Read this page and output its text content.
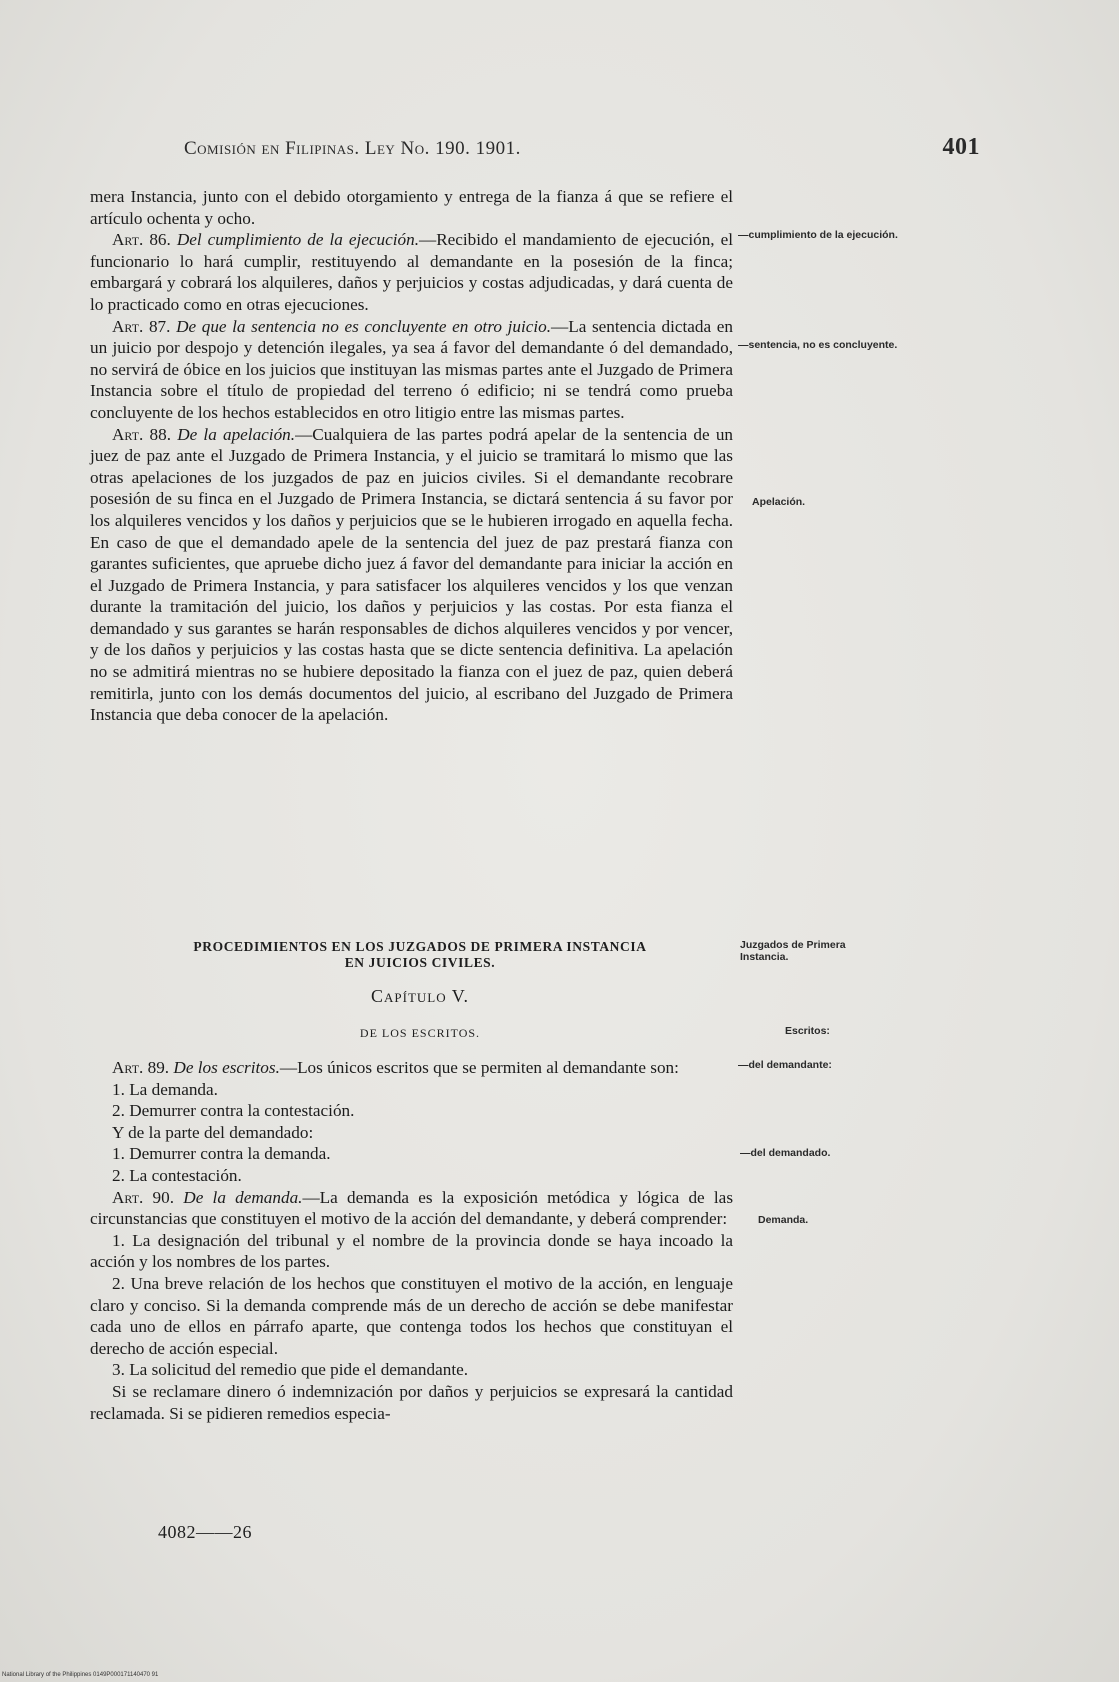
Comisión en Filipinas. Ley No. 190. 1901.	401

mera Instancia, junto con el debido otorgamiento y entrega de la fianza á que se refiere el artículo ochenta y ocho.

Art. 86. Del cumplimiento de la ejecución.—Recibido el mandamiento de ejecución, el funcionario lo hará cumplir, restituyendo al demandante en la posesión de la finca; embargará y cobrará los alquileres, daños y perjuicios y costas adjudicadas, y dará cuenta de lo practicado como en otras ejecuciones.

Art. 87. De que la sentencia no es concluyente en otro juicio.—La sentencia dictada en un juicio por despojo y detención ilegales, ya sea á favor del demandante ó del demandado, no servirá de óbice en los juicios que instituyan las mismas partes ante el Juzgado de Primera Instancia sobre el título de propiedad del terreno ó edificio; ni se tendrá como prueba concluyente de los hechos establecidos en otro litigio entre las mismas partes.

Art. 88. De la apelación.—Cualquiera de las partes podrá apelar de la sentencia de un juez de paz ante el Juzgado de Primera Instancia, y el juicio se tramitará lo mismo que las otras apelaciones de los juzgados de paz en juicios civiles. Si el demandante recobrare posesión de su finca en el Juzgado de Primera Instancia, se dictará sentencia á su favor por los alquileres vencidos y los daños y perjuicios que se le hubieren irrogado en aquella fecha. En caso de que el demandado apele de la sentencia del juez de paz prestará fianza con garantes suficientes, que apruebe dicho juez á favor del demandante para iniciar la acción en el Juzgado de Primera Instancia, y para satisfacer los alquileres vencidos y los que venzan durante la tramitación del juicio, los daños y perjuicios y las costas. Por esta fianza el demandado y sus garantes se harán responsables de dichos alquileres vencidos y por vencer, y de los daños y perjuicios y las costas hasta que se dicte sentencia definitiva. La apelación no se admitirá mientras no se hubiere depositado la fianza con el juez de paz, quien deberá remitirla, junto con los demás documentos del juicio, al escribano del Juzgado de Primera Instancia que deba conocer de la apelación.

PROCEDIMIENTOS EN LOS JUZGADOS DE PRIMERA INSTANCIA
EN JUICIOS CIVILES.
Capítulo V.
DE LOS ESCRITOS.

Art. 89. De los escritos.—Los únicos escritos que se permiten al demandante son:

1. La demanda.

2. Demurrer contra la contestación.

Y de la parte del demandado:

1. Demurrer contra la demanda.

2. La contestación.

Art. 90. De la demanda.—La demanda es la exposición metódica y lógica de las circunstancias que constituyen el motivo de la acción del demandante, y deberá comprender:

1. La designación del tribunal y el nombre de la provincia donde se haya incoado la acción y los nombres de los partes.

2. Una breve relación de los hechos que constituyen el motivo de la acción, en lenguaje claro y conciso. Si la demanda comprende más de un derecho de acción se debe manifestar cada uno de ellos en párrafo aparte, que contenga todos los hechos que constituyan el derecho de acción especial.

3. La solicitud del remedio que pide el demandante.

Si se reclamare dinero ó indemnización por daños y perjuicios se expresará la cantidad reclamada. Si se pidieren remedios especia-

—cumplimiento de la ejecución.
—sentencia, no es concluyente.
Apelación.
Juzgados de Primera Instancia.
Escritos:
—del demandante:
—del demandado.
Demanda.
4082——26
National Library of the Philippines 0149P000171140470 91
